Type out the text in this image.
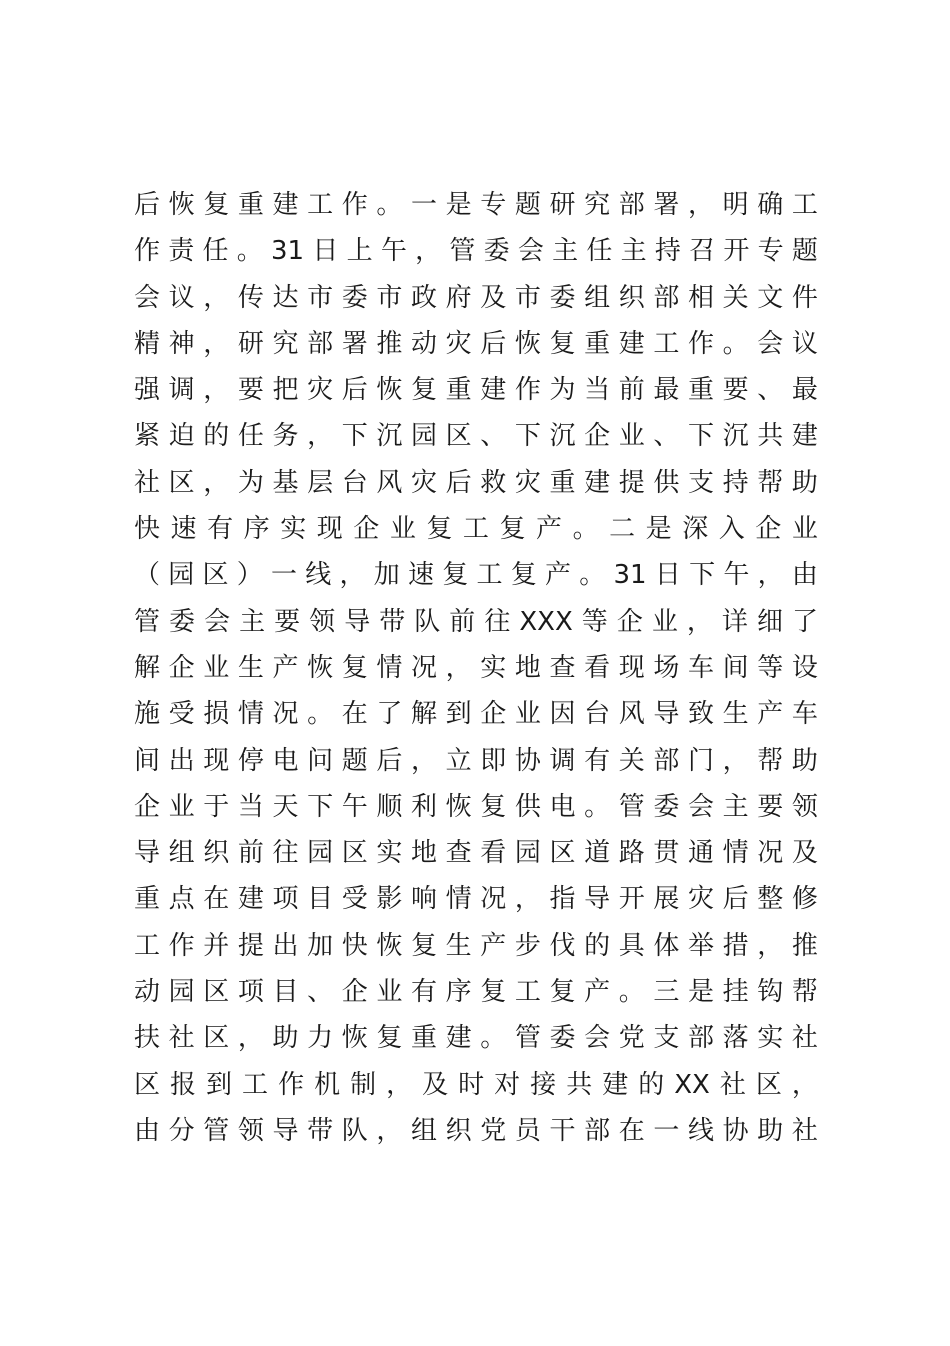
后 恢 复 重 建 工 作 。 一 是 专 题 研 究 部 署 ， 明 确 工
作 责 任 。 31 日 上 午 ， 管 委 会 主 任 主 持 召 开 专 题
会 议 ， 传 达 市 委 市 政 府 及 市 委 组 织 部 相 关 文 件
精 神 ， 研 究 部 署 推 动 灾 后 恢 复 重 建 工 作 。 会 议
强 调 ， 要 把 灾 后 恢 复 重 建 作 为 当 前 最 重 要 、 最
紧 迫 的 任 务 ， 下 沉 园 区 、 下 沉 企 业 、 下 沉 共 建
社 区 ， 为 基 层 台 风 灾 后 救 灾 重 建 提 供 支 持 帮 助
快 速 有 序 实 现 企 业 复 工 复 产 。 二 是 深 入 企 业
（ 园 区 ） 一 线 ， 加 速 复 工 复 产 。 31 日 下 午 ， 由
管 委 会 主 要 领 导 带 队 前 往 XXX 等 企 业 ， 详 细 了
解 企 业 生 产 恢 复 情 况 ， 实 地 查 看 现 场 车 间 等 设
施 受 损 情 况 。 在 了 解 到 企 业 因 台 风 导 致 生 产 车
间 出 现 停 电 问 题 后 ， 立 即 协 调 有 关 部 门 ， 帮 助
企 业 于 当 天 下 午 顺 利 恢 复 供 电 。 管 委 会 主 要 领
导 组 织 前 往 园 区 实 地 查 看 园 区 道 路 贯 通 情 况 及
重 点 在 建 项 目 受 影 响 情 况 ， 指 导 开 展 灾 后 整 修
工 作 并 提 出 加 快 恢 复 生 产 步 伐 的 具 体 举 措 ， 推
动 园 区 项 目 、 企 业 有 序 复 工 复 产 。 三 是 挂 钩 帮
扶 社 区 ， 助 力 恢 复 重 建 。 管 委 会 党 支 部 落 实 社
区 报 到 工 作 机 制 ， 及 时 对 接 共 建 的 XX 社 区 ，
由 分 管 领 导 带 队 ， 组 织 党 员 干 部 在 一 线 协 助 社
